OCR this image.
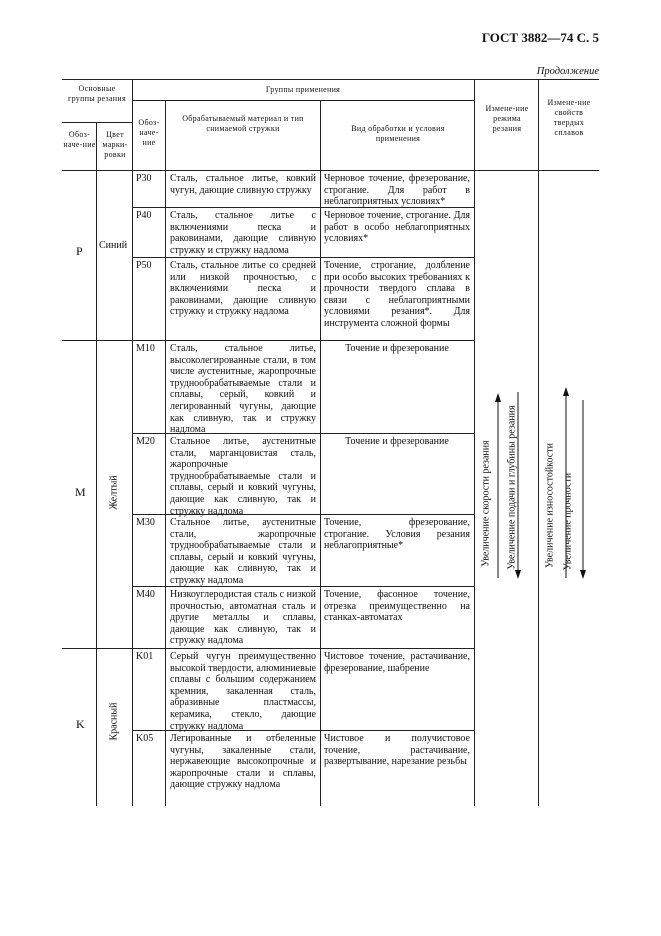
ГОСТ 3882—74 С. 5
Продолжение
Основные группы резания
Группы применения
Обоз-наче-ние
Цвет марки-ровки
Обоз-наче-ние
Обрабатываемый материал и тип снимаемой стружки	Вид обработки и условия применения
Измене-ние режима резания
Измене-ние свойств твердых сплавов
P Синий
M Желтый
K Красный
P30 Сталь, стальное литье, ковкий чугун, дающие сливную стружку
Черновое точение, фрезерование, строгание. Для работ в неблагоприятных условиях*
P40 Сталь, стальное литье с включениями песка и раковинами, дающие сливную стружку и стружку надлома
Черновое точение, строгание. Для работ в особо неблагоприятных условиях*
P50 Сталь, стальное литье со средней или низкой прочностью, с включениями песка и раковинами, дающие сливную стружку и стружку надлома
Точение, строгание, долбление при особо высоких требованиях к прочности твердого сплава в связи с неблагоприятными условиями резания*. Для инструмента сложной формы
M10 Сталь, стальное литье, высоколегированные стали, в том числе аустенитные, жаропрочные труднообрабатываемые стали и сплавы, серый, ковкий и легированный чугуны, дающие как сливную, так и стружку надлома
Точение и фрезерование
M20 Стальное литье, аустенитные стали, марганцовистая сталь, жаропрочные труднообрабатываемые стали и сплавы, серый и ковкий чугуны, дающие как сливную, так и стружку надлома
Точение и фрезерование
M30 Стальное литье, аустенитные стали, жаропрочные труднообрабатываемые стали и сплавы, серый и ковкий чугуны, дающие как сливную, так и стружку надлома
Точение, фрезерование, строгание. Условия резания неблагоприятные*
M40 Низкоуглеродистая сталь с низкой прочностью, автоматная сталь и другие металлы и сплавы, дающие как сливную, так и стружку надлома
Точение, фасонное точение, отрезка преимущественно на станках-автоматах
K01 Серый чугун преимущественно высокой твердости, алюминиевые сплавы с большим содержанием кремния, закаленная сталь, абразивные пластмассы, керамика, стекло, дающие стружку надлома
Чистовое точение, растачивание, фрезерование, шабрение
K05 Легированные и отбеленные чугуны, закаленные стали, нержавеющие высокопрочные и жаропрочные стали и сплавы, дающие стружку надлома
Чистовое и получистовое точение, растачивание, развертывание, нарезание резьбы
Увеличение скорости резания Увеличение подачи и глубины резания	Увеличение износостойкости Увеличение прочности
